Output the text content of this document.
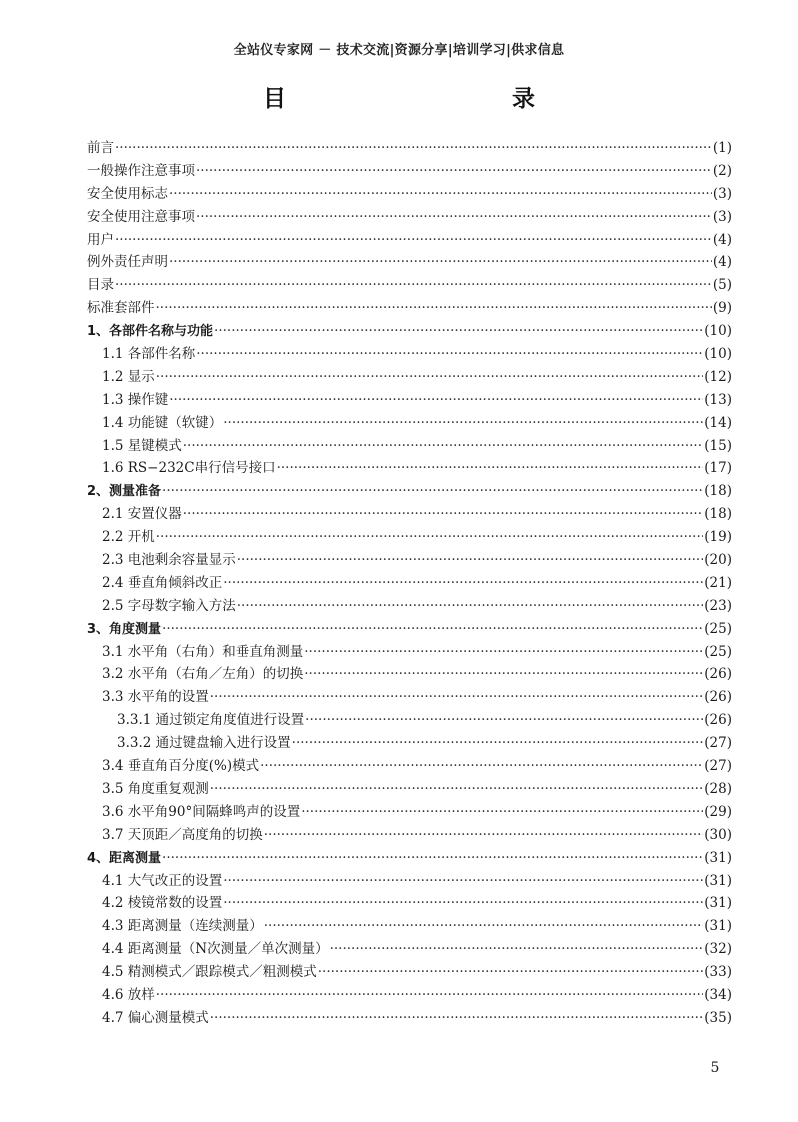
全站仪专家网 － 技术交流|资源分享|培训学习|供求信息
目　　录
前言 ·····	(1)
一般操作注意事项 ·····	(2)
安全使用标志 ·····	(3)
安全使用注意事项 ·····	(3)
用户 ·····	(4)
例外责任声明 ·····	(4)
目录 ·····	(5)
标准套部件 ·····	(9)
1、各部件名称与功能 ·····	(10)
1.1 各部件名称 ·····	(10)
1.2 显示 ·····	(12)
1.3 操作键 ·····	(13)
1.4 功能键（软键） ·····	(14)
1.5 星键模式 ·····	(15)
1.6 RS−232C串行信号接口 ·····	(17)
2、测量准备 ·····	(18)
2.1 安置仪器 ·····	(18)
2.2 开机 ·····	(19)
2.3 电池剩余容量显示 ·····	(20)
2.4 垂直角倾斜改正 ·····	(21)
2.5 字母数字输入方法 ·····	(23)
3、角度测量 ·····	(25)
3.1 水平角（右角）和垂直角测量 ·····	(25)
3.2 水平角（右角／左角）的切换 ·····	(26)
3.3 水平角的设置 ·····	(26)
3.3.1 通过锁定角度值进行设置 ·····	(26)
3.3.2 通过键盘输入进行设置 ·····	(27)
3.4 垂直角百分度(%)模式 ·····	(27)
3.5 角度重复观测 ·····	(28)
3.6 水平角90°间隔蜂鸣声的设置 ·····	(29)
3.7 天顶距／高度角的切换 ·····	(30)
4、距离测量 ·····	(31)
4.1 大气改正的设置 ·····	(31)
4.2 棱镜常数的设置 ·····	(31)
4.3 距离测量（连续测量） ·····	(31)
4.4 距离测量（N次测量／单次测量） ·····	(32)
4.5 精测模式／跟踪模式／粗测模式 ·····	(33)
4.6 放样 ·····	(34)
4.7 偏心测量模式 ·····	(35)
5
